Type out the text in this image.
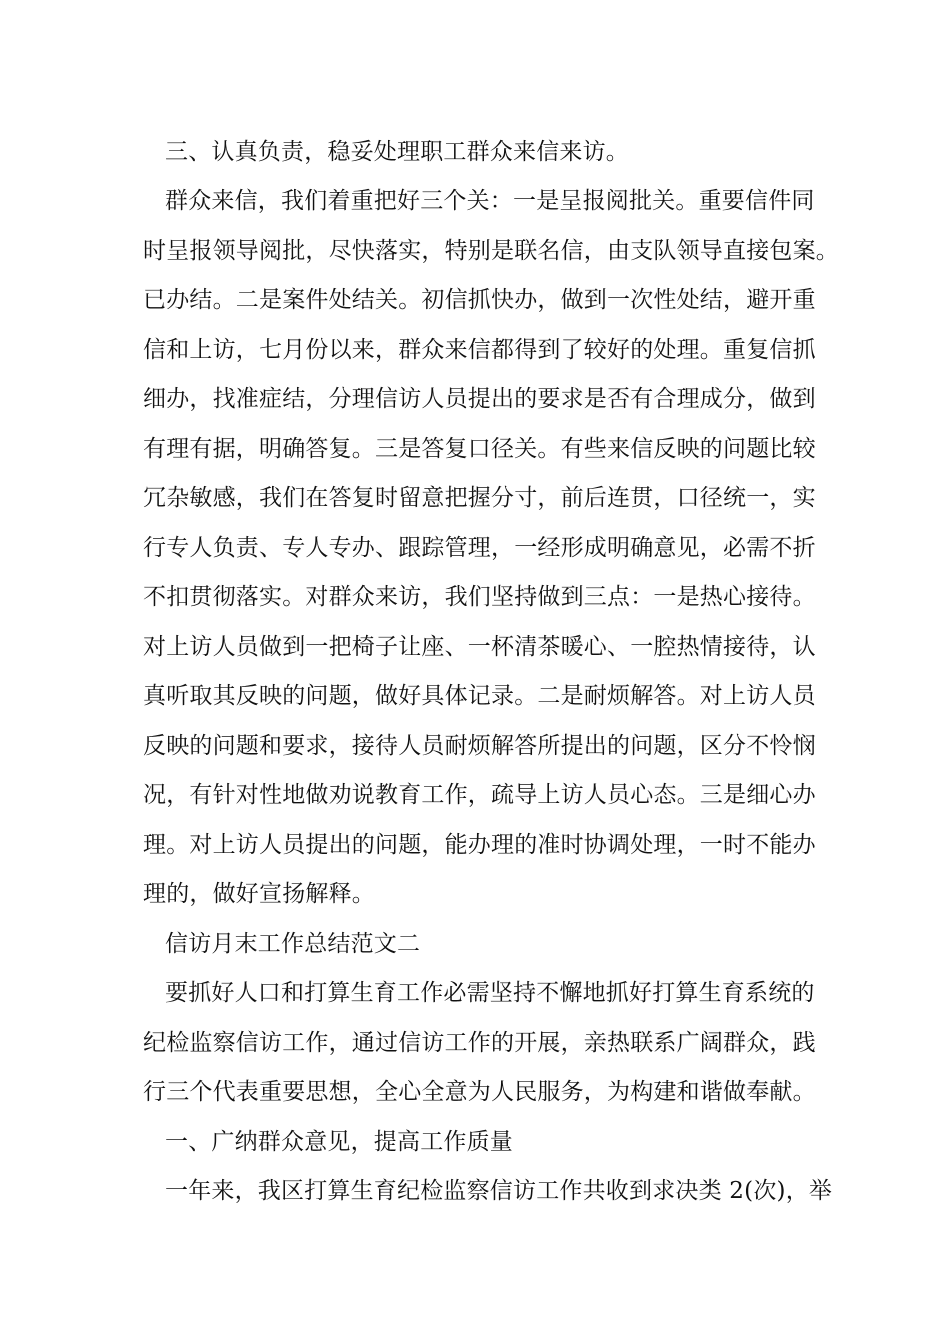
三、认真负责，稳妥处理职工群众来信来访。
群众来信，我们着重把好三个关：一是呈报阅批关。重要信件同
时呈报领导阅批，尽快落实，特别是联名信，由支队领导直接包案。
已办结。二是案件处结关。初信抓快办，做到一次性处结，避开重
信和上访，七月份以来，群众来信都得到了较好的处理。重复信抓
细办，找准症结，分理信访人员提出的要求是否有合理成分，做到
有理有据，明确答复。三是答复口径关。有些来信反映的问题比较
冗杂敏感，我们在答复时留意把握分寸，前后连贯，口径统一，实
行专人负责、专人专办、跟踪管理，一经形成明确意见，必需不折
不扣贯彻落实。对群众来访，我们坚持做到三点：一是热心接待。
对上访人员做到一把椅子让座、一杯清茶暖心、一腔热情接待，认
真听取其反映的问题，做好具体记录。二是耐烦解答。对上访人员
反映的问题和要求，接待人员耐烦解答所提出的问题，区分不怜悯
况，有针对性地做劝说教育工作，疏导上访人员心态。三是细心办
理。对上访人员提出的问题，能办理的准时协调处理，一时不能办
理的，做好宣扬解释。
信访月末工作总结范文二
要抓好人口和打算生育工作必需坚持不懈地抓好打算生育系统的
纪检监察信访工作，通过信访工作的开展，亲热联系广阔群众，践
行三个代表重要思想，全心全意为人民服务，为构建和谐做奉献。
一、广纳群众意见，提高工作质量
一年来，我区打算生育纪检监察信访工作共收到求决类 2(次)，举
